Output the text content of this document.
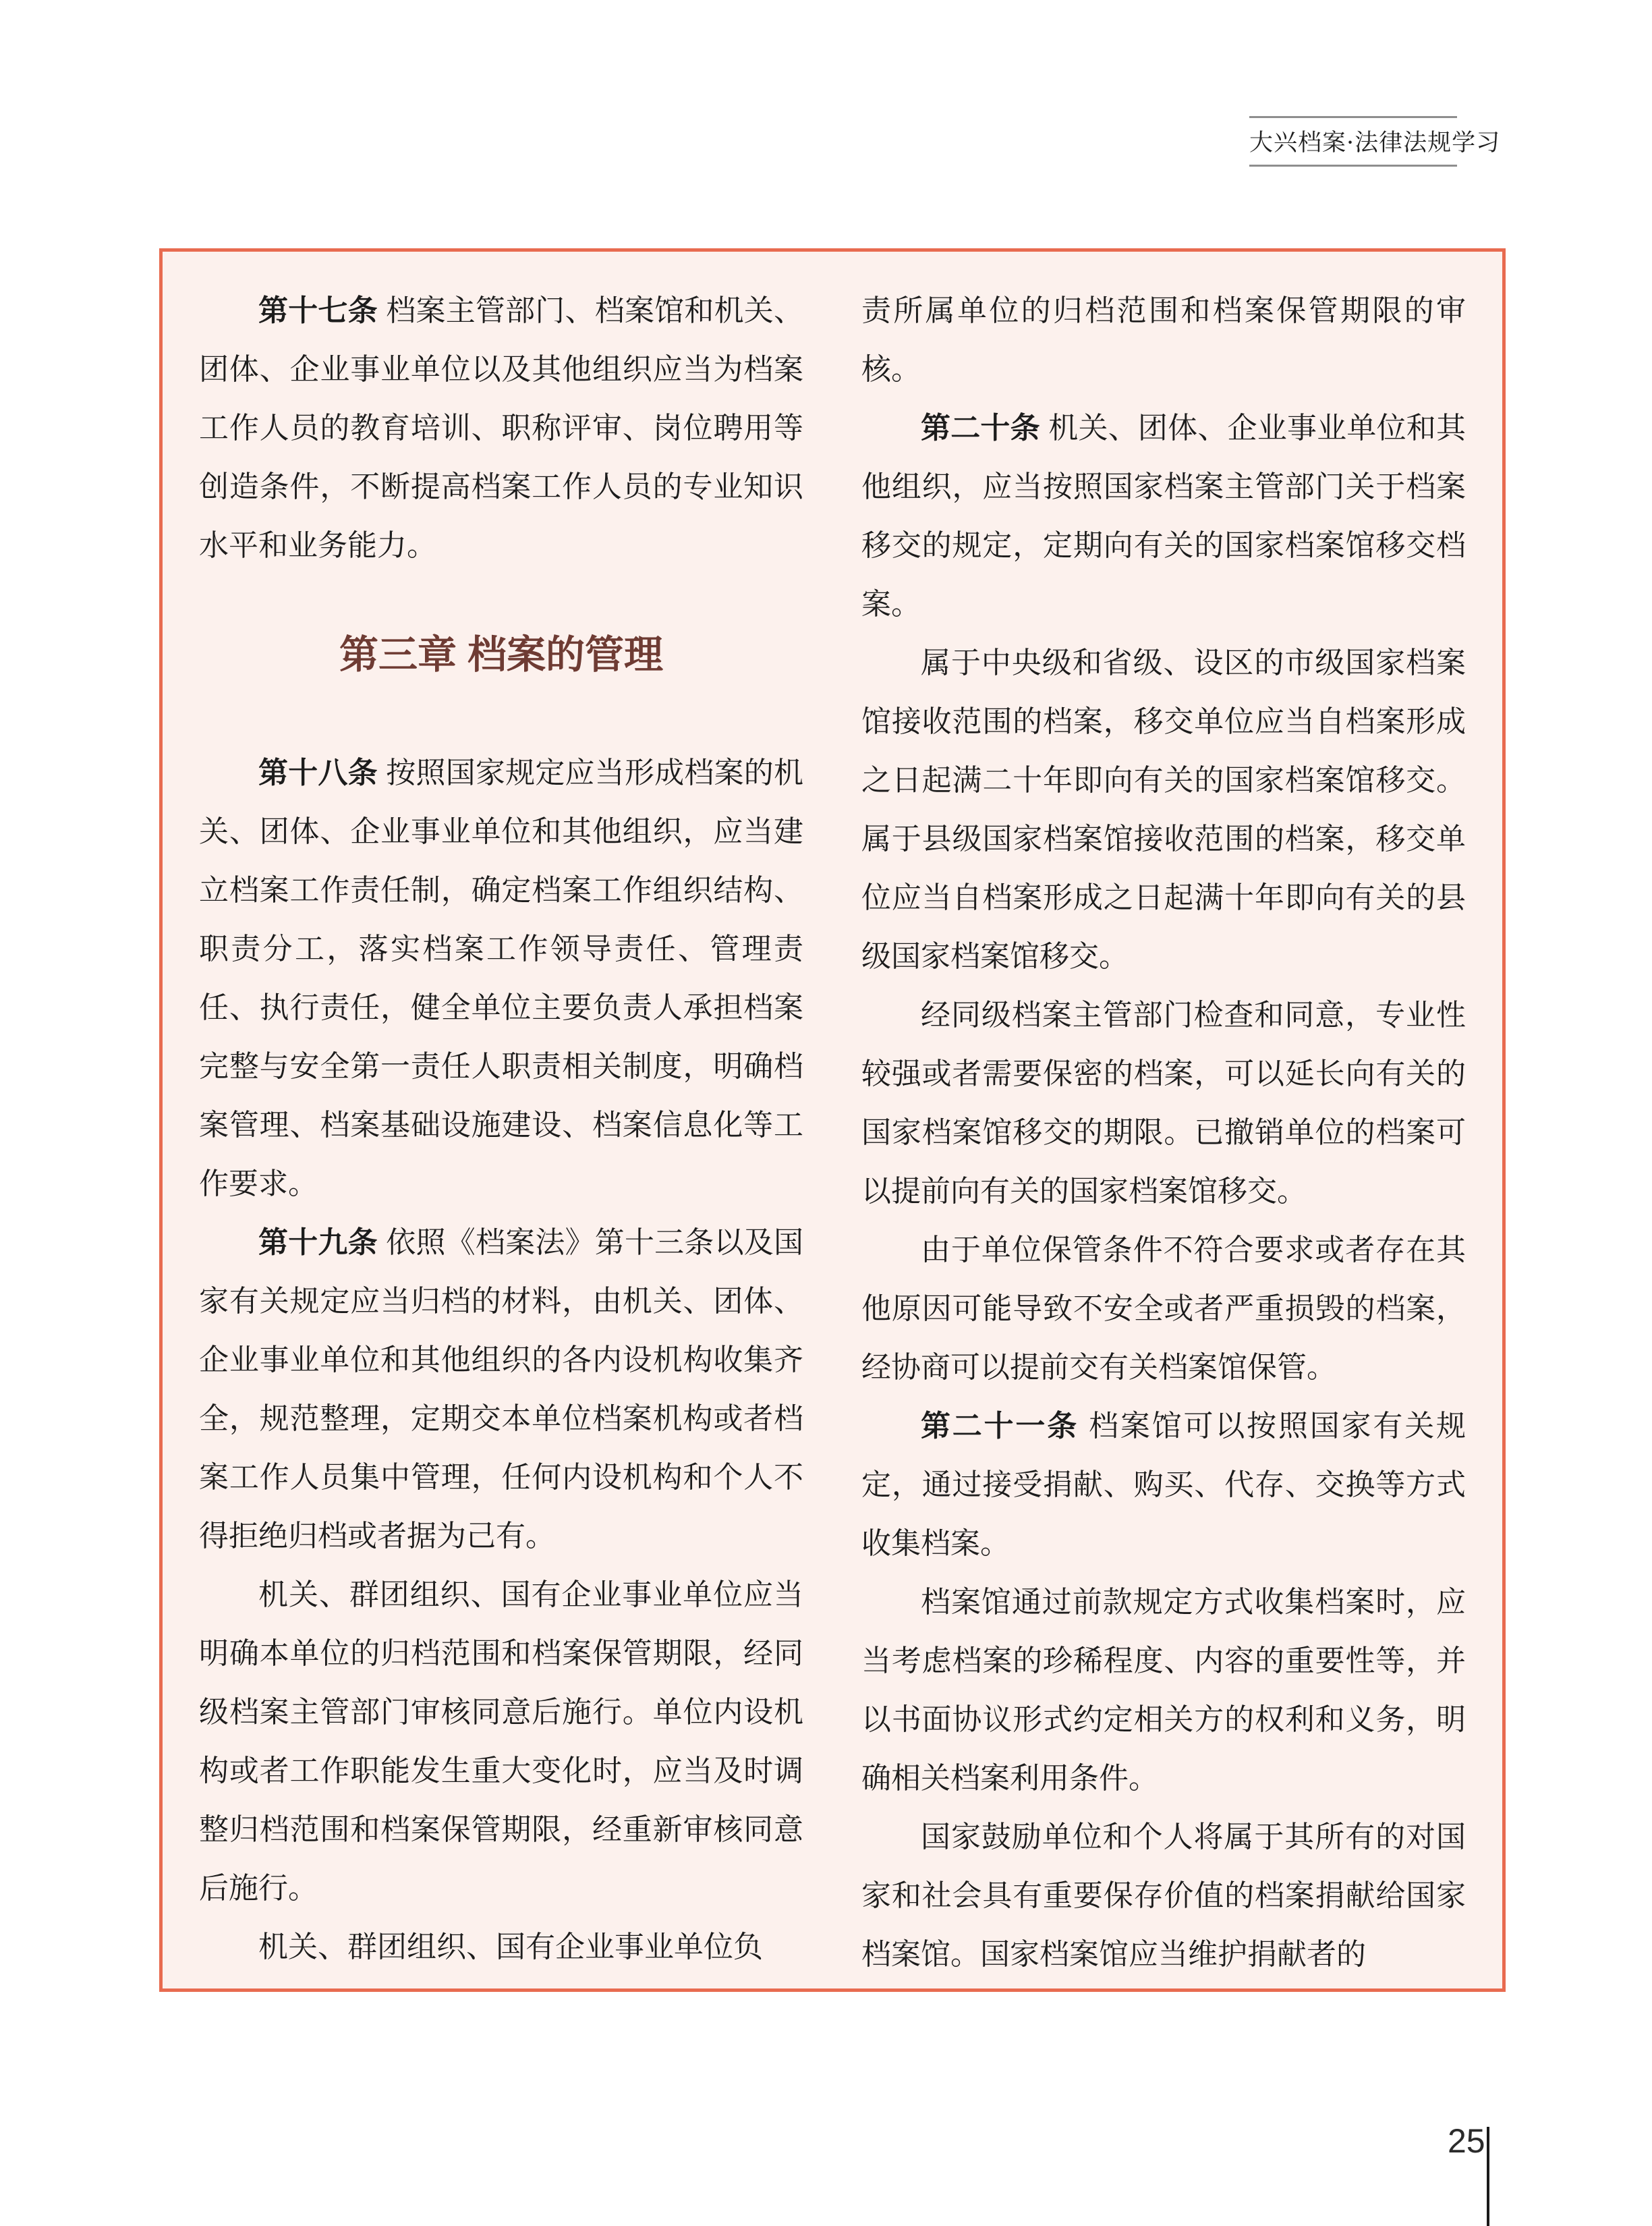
大兴档案·法律法规学习

第十七条 档案主管部门、档案馆和机关、团体、企业事业单位以及其他组织应当为档案工作人员的教育培训、职称评审、岗位聘用等创造条件，不断提高档案工作人员的专业知识水平和业务能力。

第三章 档案的管理

第十八条 按照国家规定应当形成档案的机关、团体、企业事业单位和其他组织，应当建立档案工作责任制，确定档案工作组织结构、职责分工，落实档案工作领导责任、管理责任、执行责任，健全单位主要负责人承担档案完整与安全第一责任人职责相关制度，明确档案管理、档案基础设施建设、档案信息化等工作要求。

第十九条 依照《档案法》第十三条以及国家有关规定应当归档的材料，由机关、团体、企业事业单位和其他组织的各内设机构收集齐全，规范整理，定期交本单位档案机构或者档案工作人员集中管理，任何内设机构和个人不得拒绝归档或者据为己有。

机关、群团组织、国有企业事业单位应当明确本单位的归档范围和档案保管期限，经同级档案主管部门审核同意后施行。单位内设机构或者工作职能发生重大变化时，应当及时调整归档范围和档案保管期限，经重新审核同意后施行。

机关、群团组织、国有企业事业单位负

责所属单位的归档范围和档案保管期限的审核。

第二十条 机关、团体、企业事业单位和其他组织，应当按照国家档案主管部门关于档案移交的规定，定期向有关的国家档案馆移交档案。

属于中央级和省级、设区的市级国家档案馆接收范围的档案，移交单位应当自档案形成之日起满二十年即向有关的国家档案馆移交。属于县级国家档案馆接收范围的档案，移交单位应当自档案形成之日起满十年即向有关的县级国家档案馆移交。

经同级档案主管部门检查和同意，专业性较强或者需要保密的档案，可以延长向有关的国家档案馆移交的期限。已撤销单位的档案可以提前向有关的国家档案馆移交。

由于单位保管条件不符合要求或者存在其他原因可能导致不安全或者严重损毁的档案，经协商可以提前交有关档案馆保管。

第二十一条 档案馆可以按照国家有关规定，通过接受捐献、购买、代存、交换等方式收集档案。

档案馆通过前款规定方式收集档案时，应当考虑档案的珍稀程度、内容的重要性等，并以书面协议形式约定相关方的权利和义务，明确相关档案利用条件。

国家鼓励单位和个人将属于其所有的对国家和社会具有重要保存价值的档案捐献给国家档案馆。国家档案馆应当维护捐献者的

25
